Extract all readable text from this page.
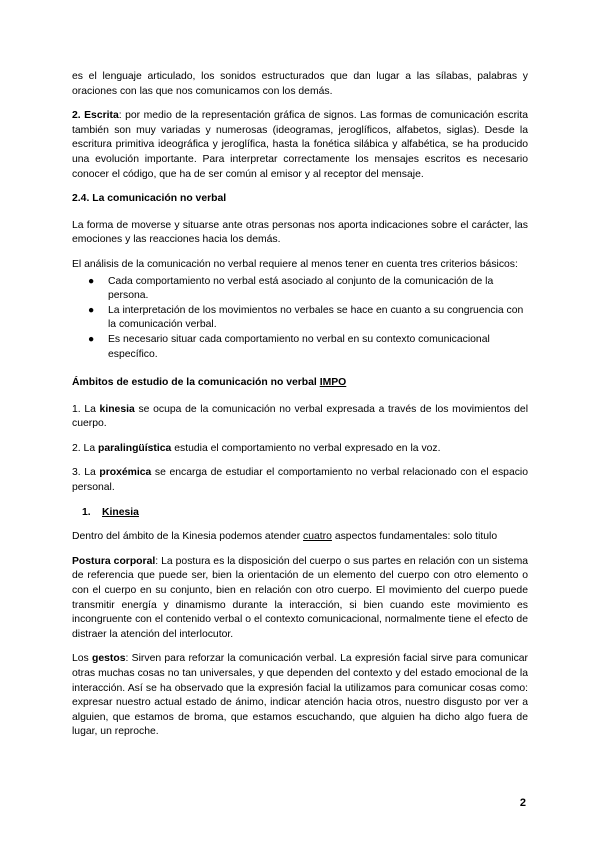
es el lenguaje articulado, los sonidos estructurados que dan lugar a las sílabas, palabras y oraciones con las que nos comunicamos con los demás.

2. Escrita: por medio de la representación gráfica de signos. Las formas de comunicación escrita también son muy variadas y numerosas (ideogramas, jeroglíficos, alfabetos, siglas). Desde la escritura primitiva ideográfica y jeroglífica, hasta la fonética silábica y alfabética, se ha producido una evolución importante. Para interpretar correctamente los mensajes escritos es necesario conocer el código, que ha de ser común al emisor y al receptor del mensaje.

2.4. La comunicación no verbal

La forma de moverse y situarse ante otras personas nos aporta indicaciones sobre el carácter, las emociones y las reacciones hacia los demás.

El análisis de la comunicación no verbal requiere al menos tener en cuenta tres criterios básicos:

● Cada comportamiento no verbal está asociado al conjunto de la comunicación de la persona.
● La interpretación de los movimientos no verbales se hace en cuanto a su congruencia con la comunicación verbal.
● Es necesario situar cada comportamiento no verbal en su contexto comunicacional específico.
Ámbitos de estudio de la comunicación no verbal IMPO

1. La kinesia se ocupa de la comunicación no verbal expresada a través de los movimientos del cuerpo.

2. La paralingüística estudia el comportamiento no verbal expresado en la voz.

3. La proxémica se encarga de estudiar el comportamiento no verbal relacionado con el espacio personal.

1. Kinesia

Dentro del ámbito de la Kinesia podemos atender cuatro aspectos fundamentales: solo titulo

Postura corporal: La postura es la disposición del cuerpo o sus partes en relación con un sistema de referencia que puede ser, bien la orientación de un elemento del cuerpo con otro elemento o con el cuerpo en su conjunto, bien en relación con otro cuerpo. El movimiento del cuerpo puede transmitir energía y dinamismo durante la interacción, si bien cuando este movimiento es incongruente con el contenido verbal o el contexto comunicacional, normalmente tiene el efecto de distraer la atención del interlocutor.

Los gestos: Sirven para reforzar la comunicación verbal. La expresión facial sirve para comunicar otras muchas cosas no tan universales, y que dependen del contexto y del estado emocional de la interacción. Así se ha observado que la expresión facial la utilizamos para comunicar cosas como: expresar nuestro actual estado de ánimo, indicar atención hacia otros, nuestro disgusto por ver a alguien, que estamos de broma, que estamos escuchando, que alguien ha dicho algo fuera de lugar, un reproche.

2
